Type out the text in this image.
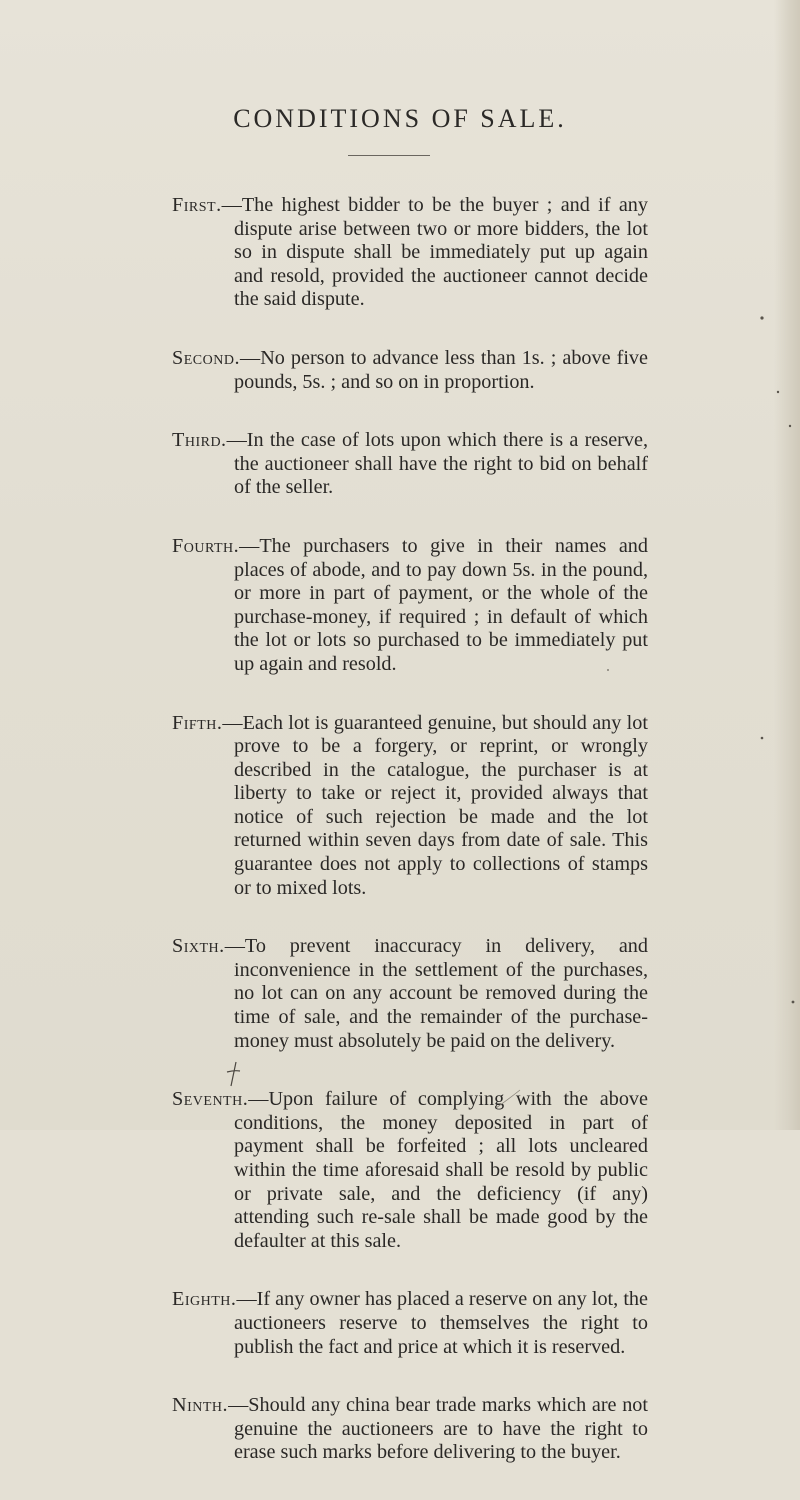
CONDITIONS OF SALE.

First.—The highest bidder to be the buyer ; and if any dispute arise between two or more bidders, the lot so in dispute shall be immediately put up again and resold, provided the auctioneer cannot decide the said dispute.

Second.—No person to advance less than 1s. ; above five pounds, 5s. ; and so on in proportion.

Third.—In the case of lots upon which there is a reserve, the auctioneer shall have the right to bid on behalf of the seller.

Fourth.—The purchasers to give in their names and places of abode, and to pay down 5s. in the pound, or more in part of payment, or the whole of the purchase-money, if required ; in default of which the lot or lots so purchased to be immediately put up again and resold.

Fifth.—Each lot is guaranteed genuine, but should any lot prove to be a forgery, or reprint, or wrongly described in the catalogue, the purchaser is at liberty to take or reject it, provided always that notice of such rejection be made and the lot returned within seven days from date of sale. This guarantee does not apply to collections of stamps or to mixed lots.

Sixth.—To prevent inaccuracy in delivery, and inconvenience in the settlement of the purchases, no lot can on any account be removed during the time of sale, and the remainder of the purchase-money must absolutely be paid on the delivery.

Seventh.—Upon failure of complying with the above conditions, the money deposited in part of payment shall be forfeited ; all lots uncleared within the time aforesaid shall be resold by public or private sale, and the deficiency (if any) attending such re-sale shall be made good by the defaulter at this sale.

Eighth.—If any owner has placed a reserve on any lot, the auctioneers reserve to themselves the right to publish the fact and price at which it is reserved.

Ninth.—Should any china bear trade marks which are not genuine the auctioneers are to have the right to erase such marks before delivering to the buyer.
